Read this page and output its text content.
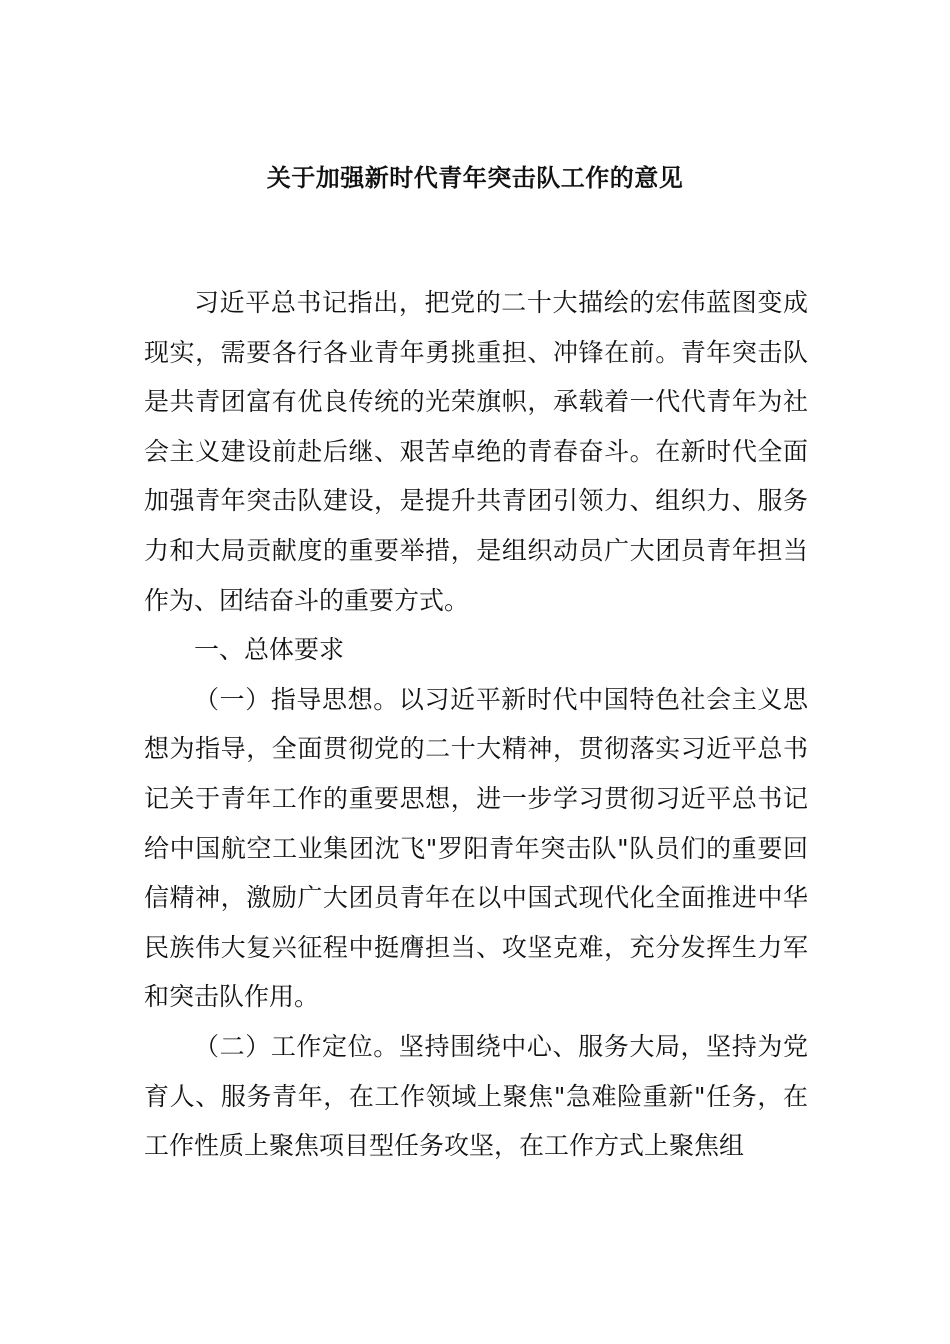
关于加强新时代青年突击队工作的意见

习近平总书记指出，把党的二十大描绘的宏伟蓝图变成现实，需要各行各业青年勇挑重担、冲锋在前。青年突击队是共青团富有优良传统的光荣旗帜，承载着一代代青年为社会主义建设前赴后继、艰苦卓绝的青春奋斗。在新时代全面加强青年突击队建设，是提升共青团引领力、组织力、服务力和大局贡献度的重要举措，是组织动员广大团员青年担当作为、团结奋斗的重要方式。

一、总体要求

（一）指导思想。以习近平新时代中国特色社会主义思想为指导，全面贯彻党的二十大精神，贯彻落实习近平总书记关于青年工作的重要思想，进一步学习贯彻习近平总书记给中国航空工业集团沈飞"罗阳青年突击队"队员们的重要回信精神，激励广大团员青年在以中国式现代化全面推进中华民族伟大复兴征程中挺膺担当、攻坚克难，充分发挥生力军和突击队作用。

（二）工作定位。坚持围绕中心、服务大局，坚持为党育人、服务青年，在工作领域上聚焦"急难险重新"任务，在工作性质上聚焦项目型任务攻坚，在工作方式上聚焦组
